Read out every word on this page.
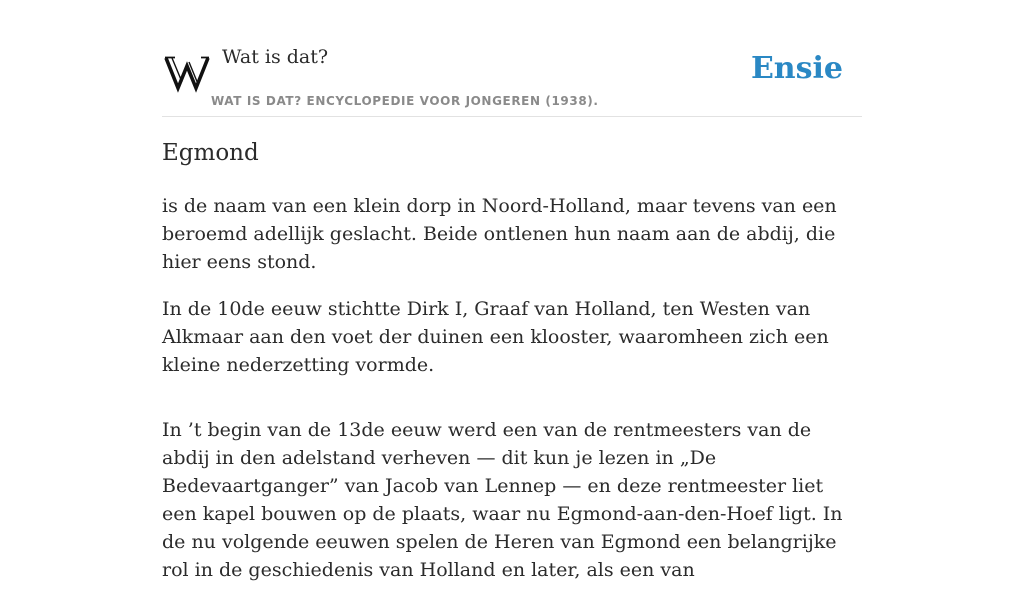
Wat is dat?
WAT IS DAT? ENCYCLOPEDIE VOOR JONGEREN (1938).
Ensie
Egmond

is de naam van een klein dorp in Noord-Holland, maar tevens van een beroemd adellijk geslacht. Beide ontlenen hun naam aan de abdij, die hier eens stond.

In de 10de eeuw stichtte Dirk I, Graaf van Holland, ten Westen van Alkmaar aan den voet der duinen een klooster, waaromheen zich een kleine nederzetting vormde.

In ’t begin van de 13de eeuw werd een van de rentmeesters van de abdij in den adelstand verheven — dit kun je lezen in „De Bedevaartganger” van Jacob van Lennep — en deze rentmeester liet een kapel bouwen op de plaats, waar nu Egmond-aan-den-Hoef ligt. In de nu volgende eeuwen spelen de Heren van Egmond een belangrijke rol in de geschiedenis van Holland en later, als een van
